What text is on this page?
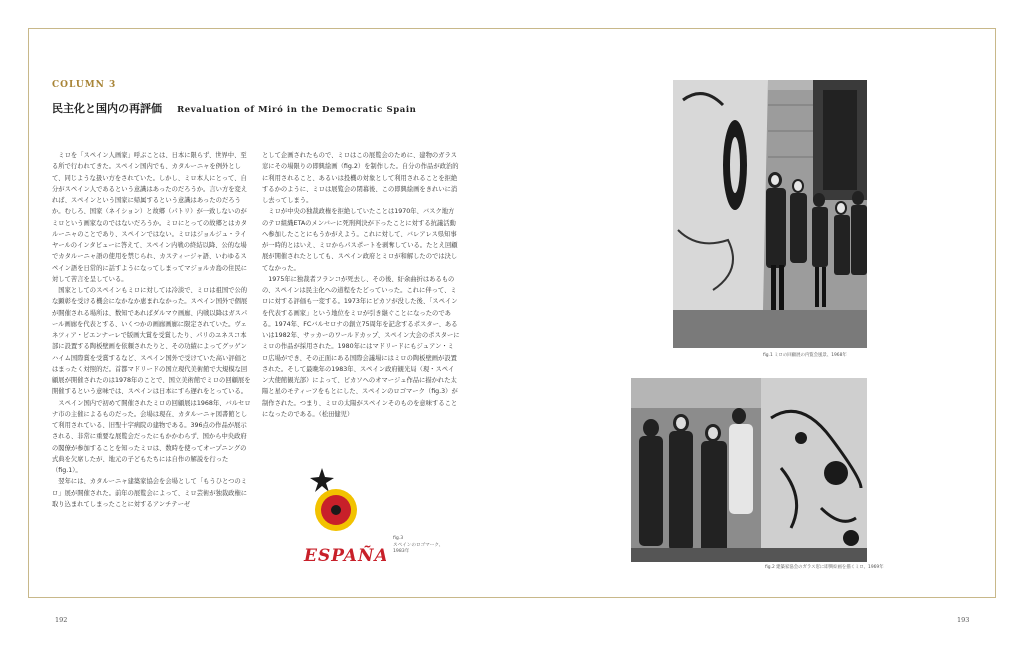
COLUMN 3
民主化と国内の再評価 Revaluation of Miró in the Democratic Spain

ミロを「スペイン人画家」呼ぶことは、日本に限らず、世界中、至る所で行われてきた。スペイン国内でも、カタルーニャを例外として、同じような扱い方をされていた。しかし、ミロ本人にとって、自分がスペイン人であるという意識はあったのだろうか。言い方を変えれば、スペインという国家に帰属するという意識はあったのだろうか。むしろ、国家（ネイション）と故郷（パトリ）が一致しないのがミロという画家なのではないだろうか。ミロにとっての故郷とはカタルーニャのことであり、スペインではない。ミロはジョルジュ・ライヤールのインタビューに答えて、スペイン内戦の終結以降、公的な場でカタルーニャ語の使用を禁じられ、カスティージャ語、いわゆるスペイン語を日常的に話すようになってしまってマジョルカ島の住民に対して苦言を呈している。

国家としてのスペインもミロに対しては冷淡で、ミロは祖国で公的な顕彰を受ける機会になかなか恵まれなかった。スペイン国外で個展が開催される場所は、数知であればダルマウ画廊、内戦以降はガスパール画廊を代表とする、いくつかの画廊画廊に限定されていた。ヴェネツィア・ビエンナーレで版画大賞を受賞したり、パリのユネスコ本部に設置する陶板壁画を依頼されたりと、その功績によってグッゲンハイム国際賞を受賞するなど、スペイン国外で受けていた高い評価とはまったく対照的だ。首都マドリードの国立現代美術館で大規模な回顧展が開催されたのは1978年のことで、国立美術館でミロの回顧展を開催するという意味では、スペインは日本にすら遅れをとっている。

スペイン国内で初めて開催されたミロの回顧展は1968年、バルセロナ市の主催によるものだった。会場は現在、カタルーニャ図書館として利用されている、旧聖十字病院の建物である。396点の作品が展示される、非常に重要な展覧会だったにもかかわらず、国から中央政府の閣僚が参加することを知ったミロは、数時を使ってオープニングの式典を欠席したが、地元の子どもたちには自作の解説を行った（fig.1）。

翌年には、カタルーニャ建築家協会を会場として「もうひとつのミロ」展が開催された。前年の展覧会によって、ミロ芸術が独裁政権に取り込まれてしまったことに対するアンチテーゼ

として企画されたもので、ミロはこの展覧会のために、建物のガラス窓にその場限りの即興絵画（fig.2）を制作した。自分の作品が政治的に利用されること、あるいは投機の対象として利用されることを拒絶するかのように、ミロは展覧会の閉幕後、この即興絵画をきれいに消し去ってしまう。

ミロが中央の独裁政権を拒絶していたことは1970年、バスク地方のテロ組織ETAのメンバーに死刑判決が下ったことに対する抗議活動へ参加したことにもうかがえよう。これに対して、バレアレス県知事が一時的とはいえ、ミロからパスポートを剥奪している。たとえ回顧展が開催されたとしても、スペイン政府とミロが和解したのでは決してなかった。

1975年に独裁者フランコが死去し、その後、紆余曲折はあるものの、スペインは民主化への道程をたどっていった。これに伴って、ミロに対する評価も一変する。1973年にピカソが没した後、「スペインを代表する画家」という地位をミロが引き継ぐことになったのである。1974年、FCバルセロナの創立75周年を記念するポスター、あるいは1982年、サッカーのワールドカップ、スペイン大会のポスターにミロの作品が採用された。1980年にはマドリードにもジュアン・ミロ広場ができ、その正面にある国際会議場にはミロの陶板壁画が設置された。そして最晩年の1983年、スペイン政府観光局（現・スペイン大使館観光部）によって、ピカソへのオマージュ作品に描かれた太陽と星のモティーフをもとにした、スペインのロゴマーク（fig.3）が制作された。つまり、ミロの太陽がスペインそのものを意味することになったのである。（松田健児）

ESPAÑA
fig.3
スペインのロゴマーク、
1983年
fig.1 ミロの回顧展の内覧会風景、1968年
fig.2 建築家協会のガラス窓に即興絵画を描くミロ、1969年
192	193
